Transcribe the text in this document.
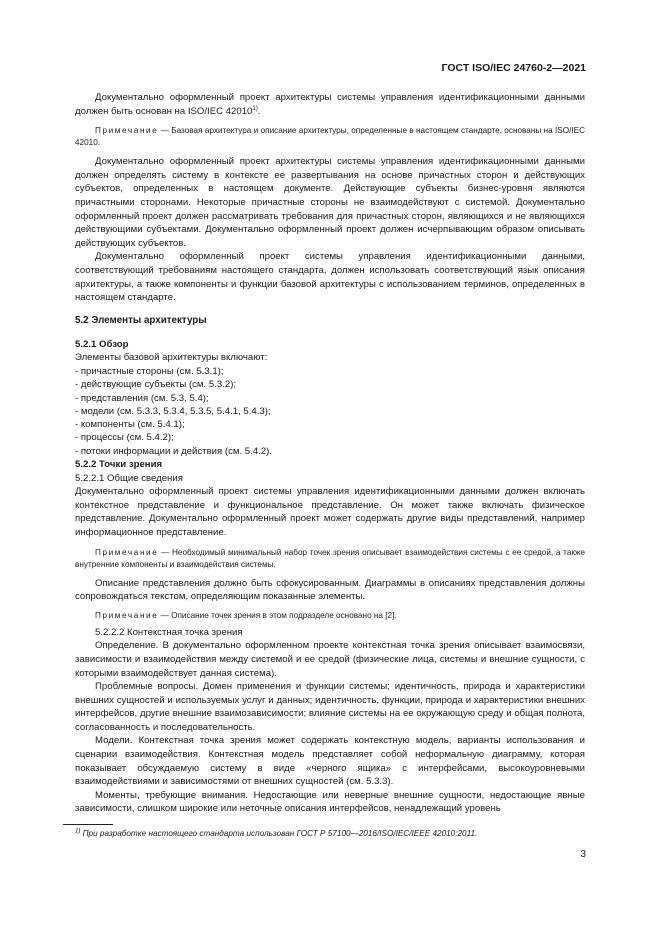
ГОСТ ISO/IEC 24760-2—2021

Документально оформленный проект архитектуры системы управления идентификационными данными должен быть основан на ISO/IEC 42010$^{1)}$.

Примечание — Базовая архитектура и описание архитектуры, определенные в настоящем стандарте, основаны на ISO/IEC 42010.

Документально оформленный проект архитектуры системы управления идентификационными данными должен определять систему в контексте ее развертывания на основе причастных сторон и действующих субъектов, определенных в настоящем документе. Действующие субъекты бизнес-уровня являются причастными сторонами. Некоторые причастные стороны не взаимодействуют с системой. Документально оформленный проект должен рассматривать требования для причастных сторон, являющихся и не являющихся действующими субъектами. Документально оформленный проект должен исчерпывающим образом описывать действующих субъектов.

Документально оформленный проект системы управления идентификационными данными, соответствующий требованиям настоящего стандарта, должен использовать соответствующий язык описания архитектуры, а также компоненты и функции базовой архитектуры с использованием терминов, определенных в настоящем стандарте.

5.2 Элементы архитектуры
5.2.1 Обзор

Элементы базовой архитектуры включают:

- причастные стороны (см. 5.3.1);
- действующие субъекты (см. 5.3.2);
- представления (см. 5.3, 5.4);
- модели (см. 5.3.3, 5.3.4, 5.3.5, 5.4.1, 5.4.3);
- компоненты (см. 5.4.1);
- процессы (см. 5.4.2);
- потоки информации и действия (см. 5.4.2).
5.2.2 Точки зрения

5.2.2.1 Общие сведения

Документально оформленный проект системы управления идентификационными данными должен включать контекстное представление и функциональное представление. Он может также включать физическое представление. Документально оформленный проект может содержать другие виды представлений, например информационное представление.

Примечание — Необходимый минимальный набор точек зрения описывает взаимодействия системы с ее средой, а также внутренние компоненты и взаимодействия системы.

Описание представления должно быть сфокусированным. Диаграммы в описаниях представления должны сопровождаться текстом, определяющим показанные элементы.

Примечание — Описание точек зрения в этом подразделе основано на [2].

5.2.2.2 Контекстная точка зрения

Определение. В документально оформленном проекте контекстная точка зрения описывает взаимосвязи, зависимости и взаимодействия между системой и ее средой (физические лица, системы и внешние сущности, с которыми взаимодействует данная система).

Проблемные вопросы. Домен применения и функции системы; идентичность, природа и характеристики внешних сущностей и используемых услуг и данных; идентичность, функции, природа и характеристики внешних интерфейсов, другие внешние взаимозависимости; влияние системы на ее окружающую среду и общая полнота, согласованность и последовательность.

Модели. Контекстная точка зрения может содержать контекстную модель, варианты использования и сценарии взаимодействия. Контекстная модель представляет собой неформальную диаграмму, которая показывает обсуждаемую систему в виде «черного ящика» с интерфейсами, высокоуровневыми взаимодействиями и зависимостями от внешних сущностей (см. 5.3.3).

Моменты, требующие внимания. Недостающие или неверные внешние сущности, недостающие явные зависимости, слишком широкие или неточные описания интерфейсов, ненадлежащий уровень

$^{1)}$ При разработке настоящего стандарта использован ГОСТ Р 57100—2016/ISO/IEC/IEEE 42010:2011.
3
